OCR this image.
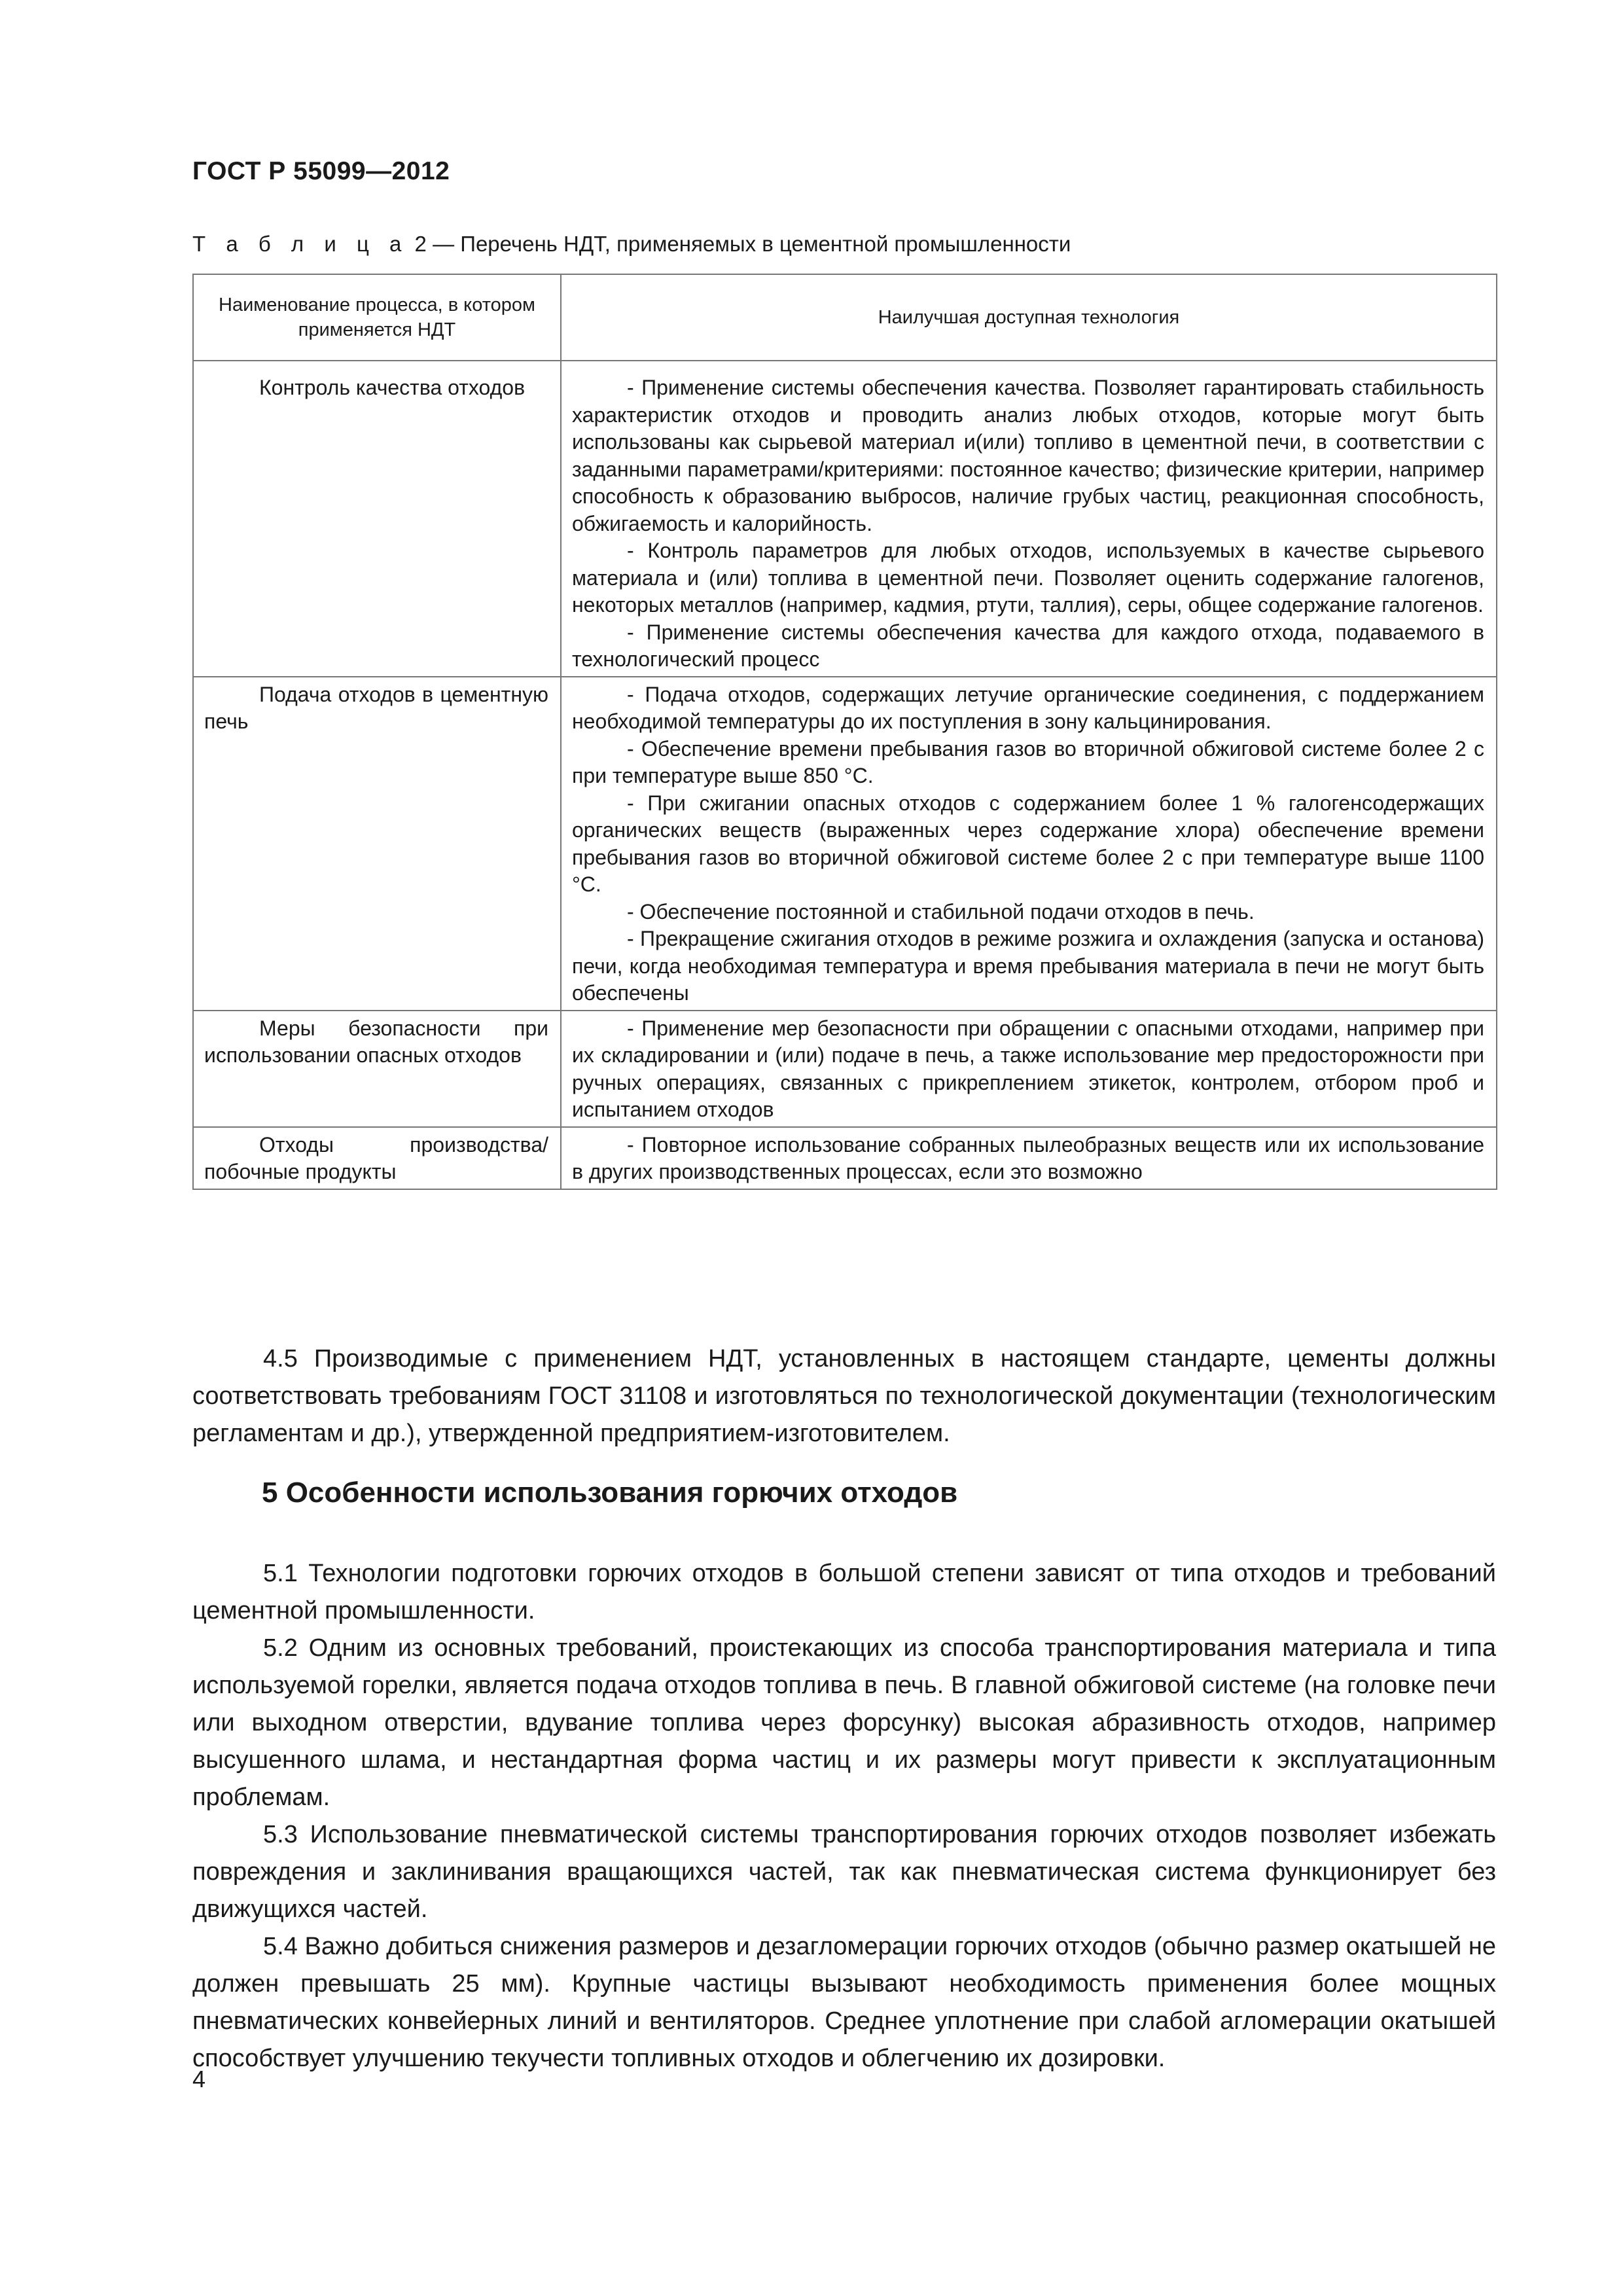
ГОСТ Р 55099—2012
Т а б л и ц а 2 — Перечень НДТ, применяемых в цементной промышленности
Наименование процесса, в котором применяется НДТ	Наилучшая доступная технология

Контроль качества отходов	- Применение системы обеспечения качества. Позволяет гарантировать стабильность характеристик отходов и проводить анализ любых отходов, которые могут быть использованы как сырьевой материал и(или) топливо в цементной печи, в соответствии с заданными параметрами/критериями: постоянное качество; физические критерии, например способность к образованию выбросов, наличие грубых частиц, реакционная способность, обжигаемость и калорийность.

- Контроль параметров для любых отходов, используемых в качестве сырьевого материала и (или) топлива в цементной печи. Позволяет оценить содержание галогенов, некоторых металлов (например, кадмия, ртути, таллия), серы, общее содержание галогенов.

- Применение системы обеспечения качества для каждого отхода, подаваемого в технологический процесс

Подача отходов в цементную печь	- Подача отходов, содержащих летучие органические соединения, с поддержанием необходимой температуры до их поступления в зону кальцинирования.

- Обеспечение времени пребывания газов во вторичной обжиговой системе более 2 с при температуре выше 850 °С.

- При сжигании опасных отходов с содержанием более 1 % галогенсодержащих органических веществ (выраженных через содержание хлора) обеспечение времени пребывания газов во вторичной обжиговой системе более 2 с при температуре выше 1100 °С.

- Обеспечение постоянной и стабильной подачи отходов в печь.

- Прекращение сжигания отходов в режиме розжига и охлаждения (запуска и останова) печи, когда необходимая температура и время пребывания материала в печи не могут быть обеспечены

Меры безопасности при использовании опасных отходов	- Применение мер безопасности при обращении с опасными отходами, например при их складировании и (или) подаче в печь, а также использование мер предосторожности при ручных операциях, связанных с прикреплением этикеток, контролем, отбором проб и испытанием отходов

Отходы производства/ побочные продукты	- Повторное использование собранных пылеобразных веществ или их использование в других производственных процессах, если это возможно

4.5 Производимые с применением НДТ, установленных в настоящем стандарте, цементы должны соответствовать требованиям ГОСТ 31108 и изготовляться по технологической документации (технологическим регламентам и др.), утвержденной предприятием-изготовителем.

5 Особенности использования горючих отходов

5.1 Технологии подготовки горючих отходов в большой степени зависят от типа отходов и требований цементной промышленности.

5.2 Одним из основных требований, проистекающих из способа транспортирования материала и типа используемой горелки, является подача отходов топлива в печь. В главной обжиговой системе (на головке печи или выходном отверстии, вдувание топлива через форсунку) высокая абразивность отходов, например высушенного шлама, и нестандартная форма частиц и их размеры могут привести к эксплуатационным проблемам.

5.3 Использование пневматической системы транспортирования горючих отходов позволяет избежать повреждения и заклинивания вращающихся частей, так как пневматическая система функционирует без движущихся частей.

5.4 Важно добиться снижения размеров и дезагломерации горючих отходов (обычно размер окатышей не должен превышать 25 мм). Крупные частицы вызывают необходимость применения более мощных пневматических конвейерных линий и вентиляторов. Среднее уплотнение при слабой агломерации окатышей способствует улучшению текучести топливных отходов и облегчению их дозировки.

4
